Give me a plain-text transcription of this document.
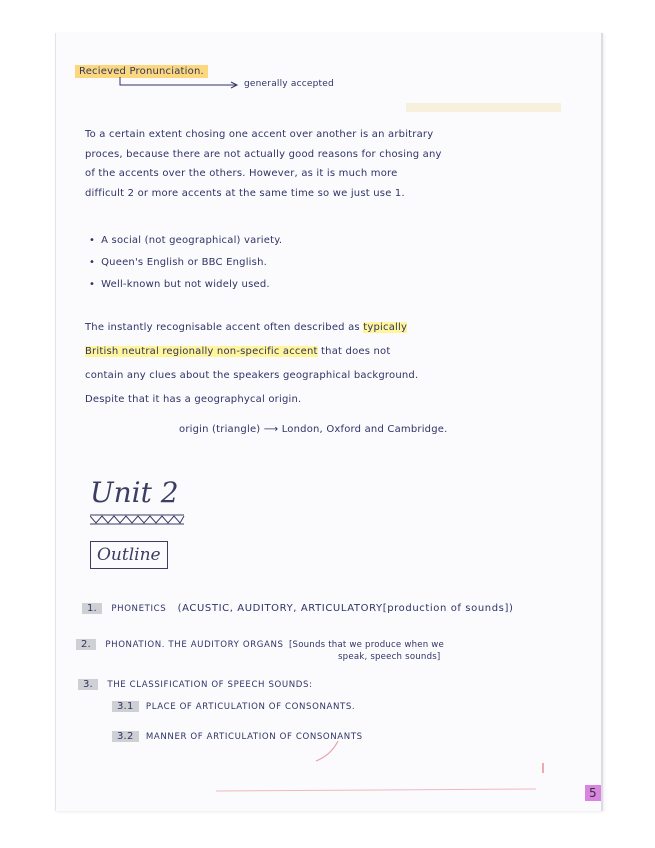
Recieved Pronunciation.
generally accepted
To a certain extent chosing one accent over another is an arbitrary
proces, because there are not actually good reasons for chosing any
of the accents over the others. However, as it is much more
difficult 2 or more accents at the same time so we just use 1.
• A social (not geographical) variety.
• Queen's English or BBC English.
• Well-known but not widely used.
The instantly recognisable accent often described as typically
British neutral regionally non-specific accent that does not
contain any clues about the speakers geographical background.
Despite that it has a geographycal origin.
origin (triangle) ⟶ London, Oxford and Cambridge.
Unit 2
Outline
1. PHONETICS (ACUSTIC, AUDITORY, ARTICULATORY[production of sounds])
2. PHONATION. THE AUDITORY ORGANS [Sounds that we produce when we
speak, speech sounds]
3. THE CLASSIFICATION OF SPEECH SOUNDS:
3.1 PLACE OF ARTICULATION OF CONSONANTS.
3.2 MANNER OF ARTICULATION OF CONSONANTS
5
